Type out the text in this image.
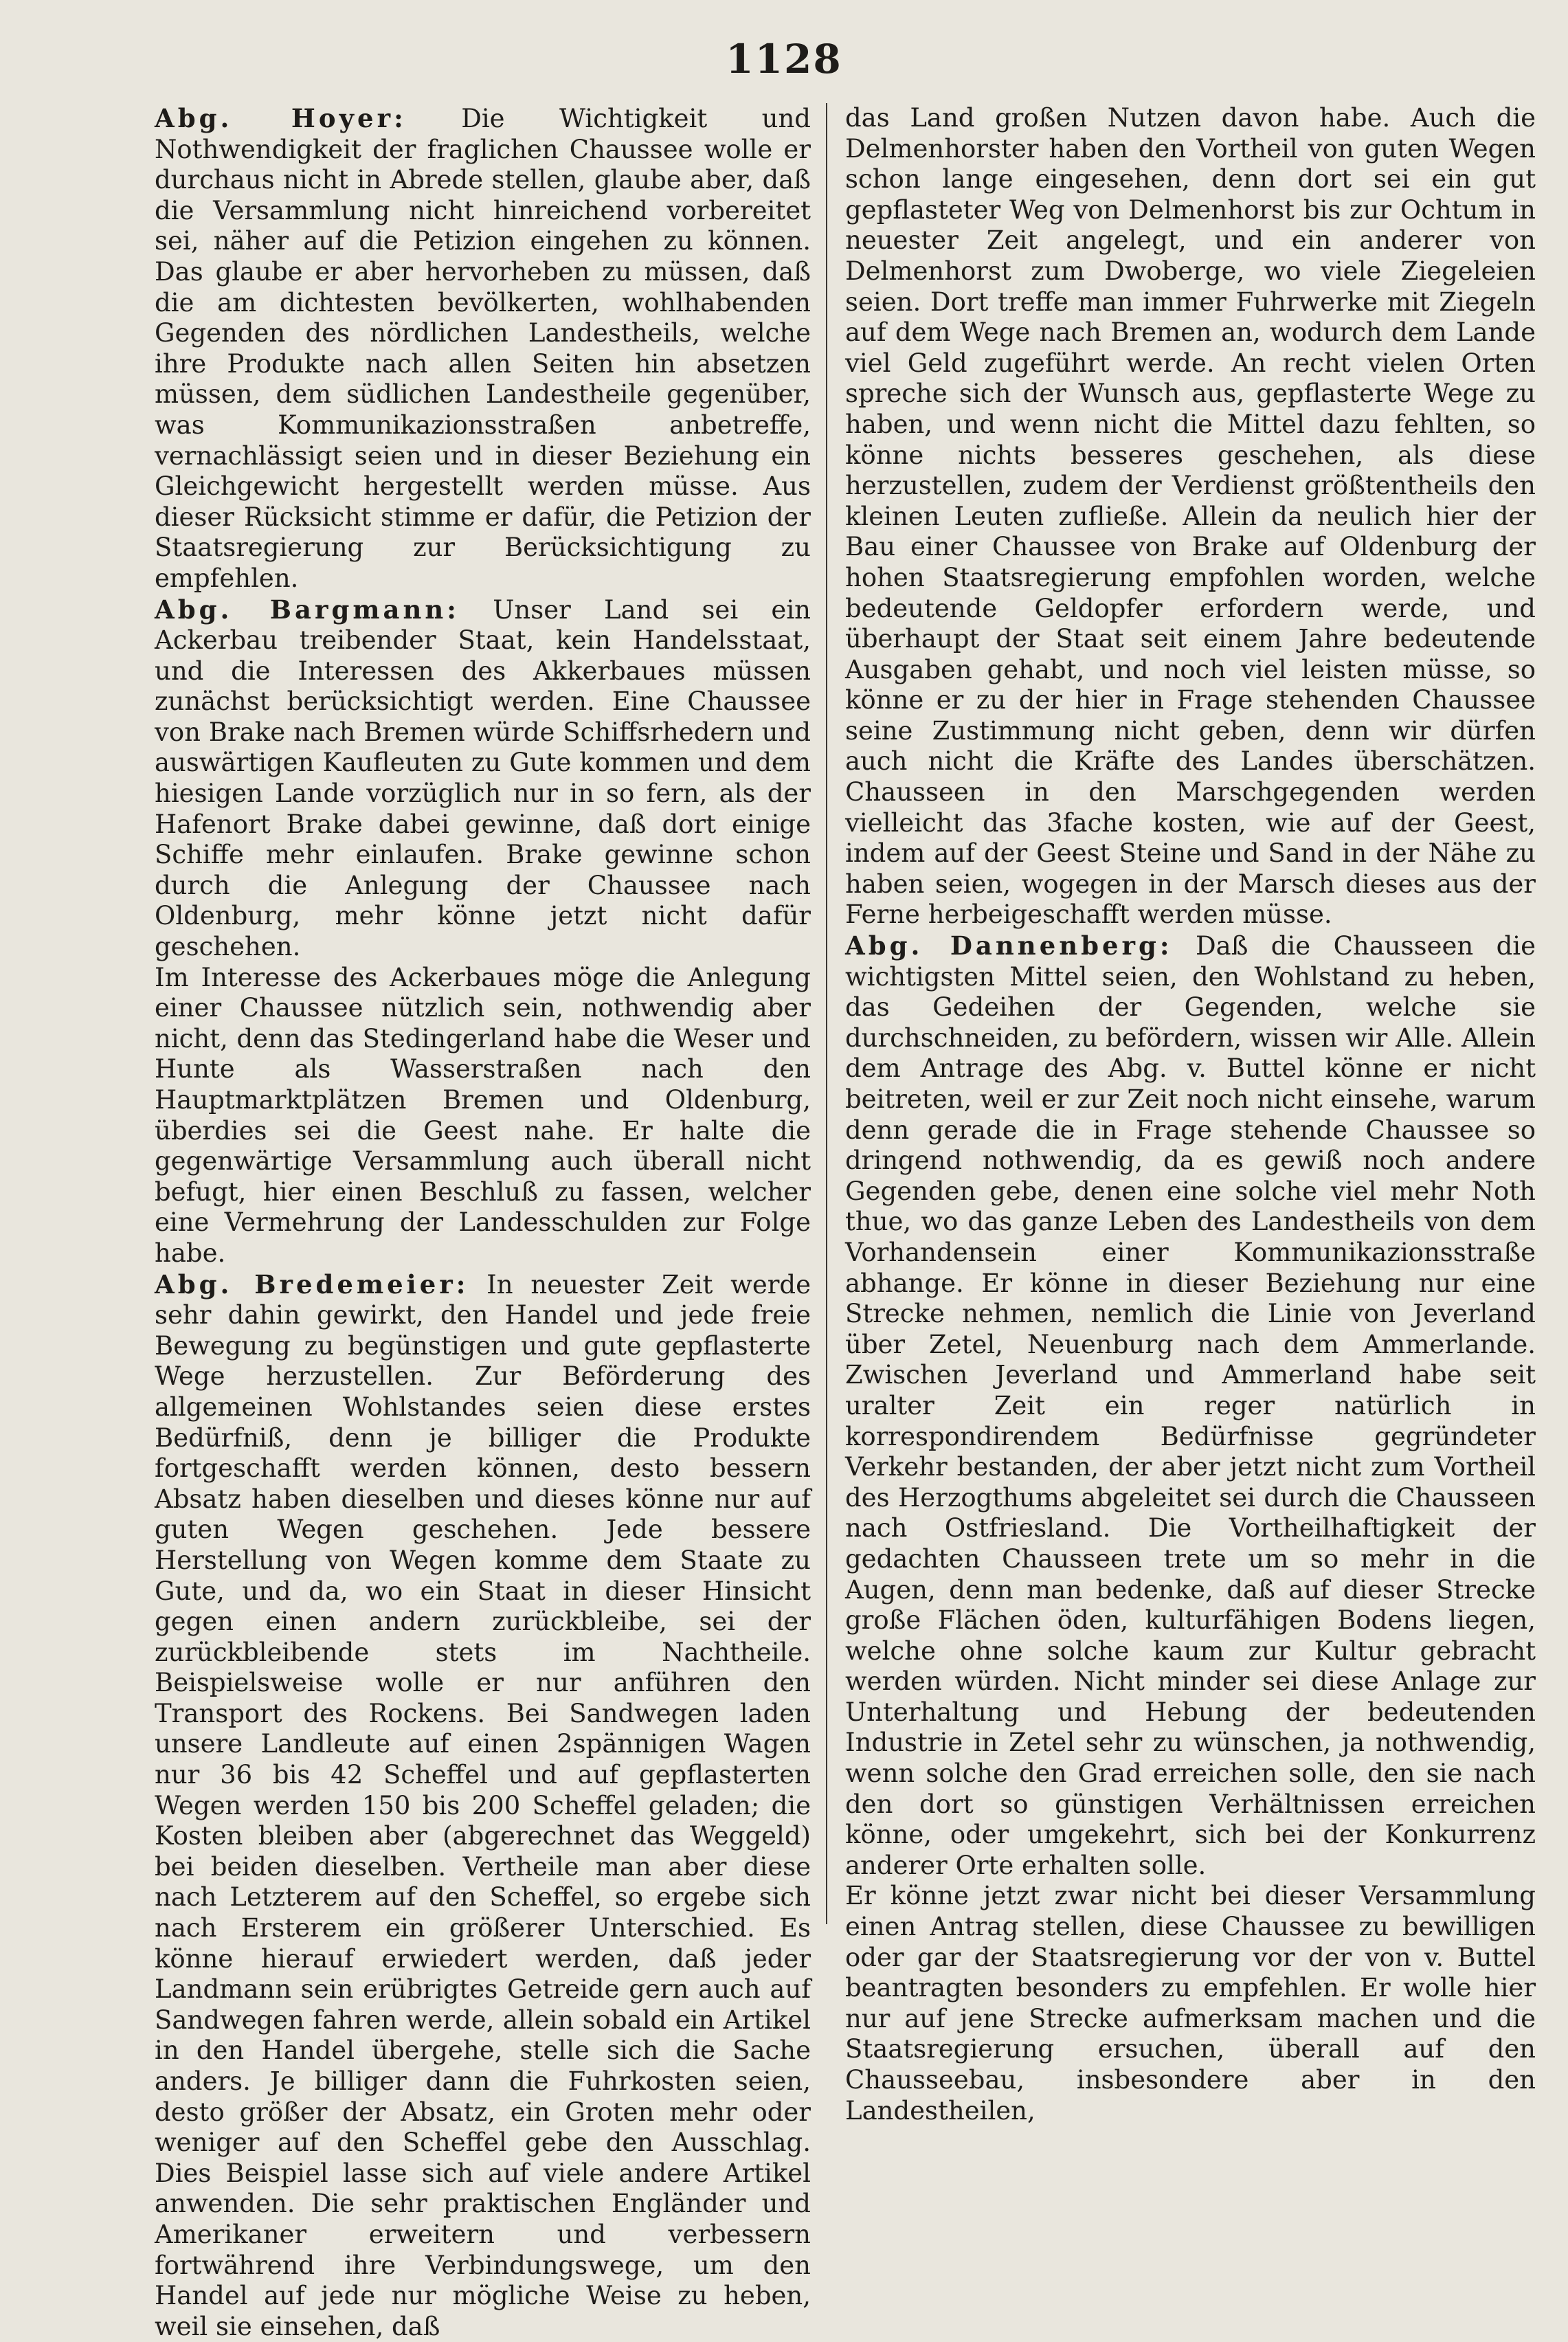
1128

Abg. Hoyer: Die Wichtigkeit und Nothwendigkeit der fraglichen Chaussee wolle er durchaus nicht in Abrede stellen, glaube aber, daß die Versammlung nicht hinreichend vorbereitet sei, näher auf die Petizion eingehen zu können. Das glaube er aber hervorheben zu müssen, daß die am dichtesten bevölkerten, wohlhabenden Gegenden des nördlichen Landestheils, welche ihre Produkte nach allen Seiten hin absetzen müssen, dem südlichen Landestheile gegenüber, was Kommunikazionsstraßen anbetreffe, vernachlässigt seien und in dieser Beziehung ein Gleichgewicht hergestellt werden müsse. Aus dieser Rücksicht stimme er dafür, die Petizion der Staatsregierung zur Berücksichtigung zu empfehlen.

Abg. Bargmann: Unser Land sei ein Ackerbau treibender Staat, kein Handelsstaat, und die Interessen des Akkerbaues müssen zunächst berücksichtigt werden. Eine Chaussee von Brake nach Bremen würde Schiffsrhedern und auswärtigen Kaufleuten zu Gute kommen und dem hiesigen Lande vorzüglich nur in so fern, als der Hafenort Brake dabei gewinne, daß dort einige Schiffe mehr einlaufen. Brake gewinne schon durch die Anlegung der Chaussee nach Oldenburg, mehr könne jetzt nicht dafür geschehen.

Im Interesse des Ackerbaues möge die Anlegung einer Chaussee nützlich sein, nothwendig aber nicht, denn das Stedingerland habe die Weser und Hunte als Wasserstraßen nach den Hauptmarktplätzen Bremen und Oldenburg, überdies sei die Geest nahe. Er halte die gegenwärtige Versammlung auch überall nicht befugt, hier einen Beschluß zu fassen, welcher eine Vermehrung der Landesschulden zur Folge habe.

Abg. Bredemeier: In neuester Zeit werde sehr dahin gewirkt, den Handel und jede freie Bewegung zu begünstigen und gute gepflasterte Wege herzustellen. Zur Beförderung des allgemeinen Wohlstandes seien diese erstes Bedürfniß, denn je billiger die Produkte fortgeschafft werden können, desto bessern Absatz haben dieselben und dieses könne nur auf guten Wegen geschehen. Jede bessere Herstellung von Wegen komme dem Staate zu Gute, und da, wo ein Staat in dieser Hinsicht gegen einen andern zurückbleibe, sei der zurückbleibende stets im Nachtheile. Beispielsweise wolle er nur anführen den Transport des Rockens. Bei Sandwegen laden unsere Landleute auf einen 2spännigen Wagen nur 36 bis 42 Scheffel und auf gepflasterten Wegen werden 150 bis 200 Scheffel geladen; die Kosten bleiben aber (abgerechnet das Weggeld) bei beiden dieselben. Vertheile man aber diese nach Letzterem auf den Scheffel, so ergebe sich nach Ersterem ein größerer Unterschied. Es könne hierauf erwiedert werden, daß jeder Landmann sein erübrigtes Getreide gern auch auf Sandwegen fahren werde, allein sobald ein Artikel in den Handel übergehe, stelle sich die Sache anders. Je billiger dann die Fuhrkosten seien, desto größer der Absatz, ein Groten mehr oder weniger auf den Scheffel gebe den Ausschlag. Dies Beispiel lasse sich auf viele andere Artikel anwenden. Die sehr praktischen Engländer und Amerikaner erweitern und verbessern fortwährend ihre Verbindungswege, um den Handel auf jede nur mögliche Weise zu heben, weil sie einsehen, daß

das Land großen Nutzen davon habe. Auch die Delmenhorster haben den Vortheil von guten Wegen schon lange eingesehen, denn dort sei ein gut gepflasteter Weg von Delmenhorst bis zur Ochtum in neuester Zeit angelegt, und ein anderer von Delmenhorst zum Dwoberge, wo viele Ziegeleien seien. Dort treffe man immer Fuhrwerke mit Ziegeln auf dem Wege nach Bremen an, wodurch dem Lande viel Geld zugeführt werde. An recht vielen Orten spreche sich der Wunsch aus, gepflasterte Wege zu haben, und wenn nicht die Mittel dazu fehlten, so könne nichts besseres geschehen, als diese herzustellen, zudem der Verdienst größtentheils den kleinen Leuten zufließe. Allein da neulich hier der Bau einer Chaussee von Brake auf Oldenburg der hohen Staatsregierung empfohlen worden, welche bedeutende Geldopfer erfordern werde, und überhaupt der Staat seit einem Jahre bedeutende Ausgaben gehabt, und noch viel leisten müsse, so könne er zu der hier in Frage stehenden Chaussee seine Zustimmung nicht geben, denn wir dürfen auch nicht die Kräfte des Landes überschätzen. Chausseen in den Marschgegenden werden vielleicht das 3fache kosten, wie auf der Geest, indem auf der Geest Steine und Sand in der Nähe zu haben seien, wogegen in der Marsch dieses aus der Ferne herbeigeschafft werden müsse.

Abg. Dannenberg: Daß die Chausseen die wichtigsten Mittel seien, den Wohlstand zu heben, das Gedeihen der Gegenden, welche sie durchschneiden, zu befördern, wissen wir Alle. Allein dem Antrage des Abg. v. Buttel könne er nicht beitreten, weil er zur Zeit noch nicht einsehe, warum denn gerade die in Frage stehende Chaussee so dringend nothwendig, da es gewiß noch andere Gegenden gebe, denen eine solche viel mehr Noth thue, wo das ganze Leben des Landestheils von dem Vorhandensein einer Kommunikazionsstraße abhange. Er könne in dieser Beziehung nur eine Strecke nehmen, nemlich die Linie von Jeverland über Zetel, Neuenburg nach dem Ammerlande. Zwischen Jeverland und Ammerland habe seit uralter Zeit ein reger natürlich in korrespondirendem Bedürfnisse gegründeter Verkehr bestanden, der aber jetzt nicht zum Vortheil des Herzogthums abgeleitet sei durch die Chausseen nach Ostfriesland. Die Vortheilhaftigkeit der gedachten Chausseen trete um so mehr in die Augen, denn man bedenke, daß auf dieser Strecke große Flächen öden, kulturfähigen Bodens liegen, welche ohne solche kaum zur Kultur gebracht werden würden. Nicht minder sei diese Anlage zur Unterhaltung und Hebung der bedeutenden Industrie in Zetel sehr zu wünschen, ja nothwendig, wenn solche den Grad erreichen solle, den sie nach den dort so günstigen Verhältnissen erreichen könne, oder umgekehrt, sich bei der Konkurrenz anderer Orte erhalten solle.

Er könne jetzt zwar nicht bei dieser Versammlung einen Antrag stellen, diese Chaussee zu bewilligen oder gar der Staatsregierung vor der von v. Buttel beantragten besonders zu empfehlen. Er wolle hier nur auf jene Strecke aufmerksam machen und die Staatsregierung ersuchen, überall auf den Chausseebau, insbesondere aber in den Landestheilen,
